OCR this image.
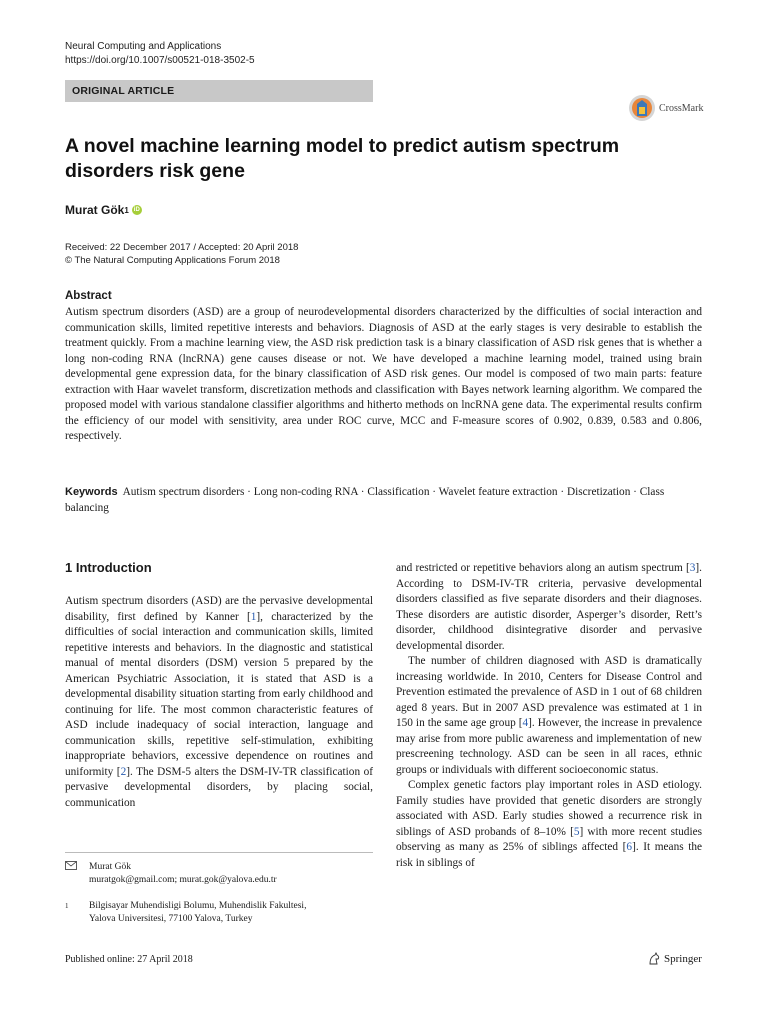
Neural Computing and Applications
https://doi.org/10.1007/s00521-018-3502-5
ORIGINAL ARTICLE
CrossMark
A novel machine learning model to predict autism spectrum disorders risk gene
Murat Gök 1 iD
Received: 22 December 2017 / Accepted: 20 April 2018
© The Natural Computing Applications Forum 2018
Abstract
Autism spectrum disorders (ASD) are a group of neurodevelopmental disorders characterized by the difficulties of social interaction and communication skills, limited repetitive interests and behaviors. Diagnosis of ASD at the early stages is very desirable to establish the treatment quickly. From a machine learning view, the ASD risk prediction task is a binary classification of ASD risk genes that is whether a long non-coding RNA (lncRNA) gene causes disease or not. We have developed a machine learning model, trained using brain developmental gene expression data, for the binary classification of ASD risk genes. Our model is composed of two main parts: feature extraction with Haar wavelet transform, discretization methods and classification with Bayes network learning algorithm. We compared the proposed model with various standalone classifier algorithms and hitherto methods on lncRNA gene data. The experimental results confirm the efficiency of our model with sensitivity, area under ROC curve, MCC and F-measure scores of 0.902, 0.839, 0.583 and 0.806, respectively.
Keywords Autism spectrum disorders · Long non-coding RNA · Classification · Wavelet feature extraction · Discretization · Class balancing
1 Introduction

Autism spectrum disorders (ASD) are the pervasive developmental disability, first defined by Kanner [1], characterized by the difficulties of social interaction and communication skills, limited repetitive interests and behaviors. In the diagnostic and statistical manual of mental disorders (DSM) version 5 prepared by the American Psychiatric Association, it is stated that ASD is a developmental disability situation starting from early childhood and continuing for life. The most common characteristic features of ASD include inadequacy of social interaction, language and communication skills, repetitive self-stimulation, exhibiting inappropriate behaviors, excessive dependence on routines and uniformity [2]. The DSM-5 alters the DSM-IV-TR classification of pervasive developmental disorders, by placing social, communication

and restricted or repetitive behaviors along an autism spectrum [3]. According to DSM-IV-TR criteria, pervasive developmental disorders classified as five separate disorders and their diagnoses. These disorders are autistic disorder, Asperger’s disorder, Rett’s disorder, childhood disintegrative disorder and pervasive developmental disorder.

The number of children diagnosed with ASD is dramatically increasing worldwide. In 2010, Centers for Disease Control and Prevention estimated the prevalence of ASD in 1 out of 68 children aged 8 years. But in 2007 ASD prevalence was estimated at 1 in 150 in the same age group [4]. However, the increase in prevalence may arise from more public awareness and implementation of new prescreening technology. ASD can be seen in all races, ethnic groups or individuals with different socioeconomic status.

Complex genetic factors play important roles in ASD etiology. Family studies have provided that genetic disorders are strongly associated with ASD. Early studies showed a recurrence risk in siblings of ASD probands of 8–10% [5] with more recent studies observing as many as 25% of siblings affected [6]. It means the risk in siblings of

Murat Gök
muratgok@gmail.com; murat.gok@yalova.edu.tr
1	Bilgisayar Muhendisligi Bolumu, Muhendislik Fakultesi,
Yalova Universitesi, 77100 Yalova, Turkey
Published online: 27 April 2018	Springer
